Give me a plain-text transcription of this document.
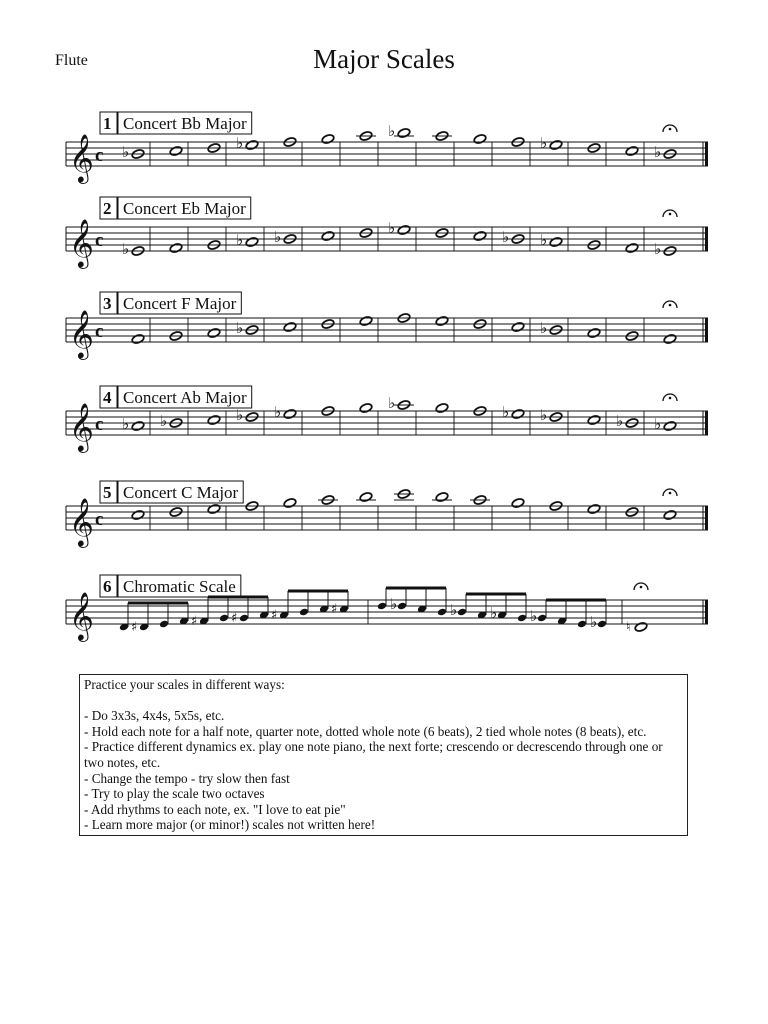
Flute	Major Scales
1 Concert Bb Major
𝄞 c ♭	♭
♭
♭	♭
2 Concert Eb Major
𝄞 c ♭	♭ ♭	♭	♭ ♭	♭
3 Concert F Major
𝄞 c	♭	♭
4 Concert Ab Major
𝄞 c ♭ ♭	♭ ♭	♭	♭ ♭	♭ ♭
5 Concert C Major
𝄞 c
6 Chromatic Scale
𝄞	♯	♯	♯	♯	♯	♭	♭ ♭ ♭	♭ ♮
Practice your scales in different ways:
- Do 3x3s, 4x4s, 5x5s, etc.
- Hold each note for a half note, quarter note, dotted whole note (6 beats), 2 tied whole notes (8 beats), etc.
- Practice different dynamics ex. play one note piano, the next forte; crescendo or decrescendo through one or two notes, etc.
- Change the tempo - try slow then fast
- Try to play the scale two octaves
- Add rhythms to each note, ex. "I love to eat pie"
- Learn more major (or minor!) scales not written here!
